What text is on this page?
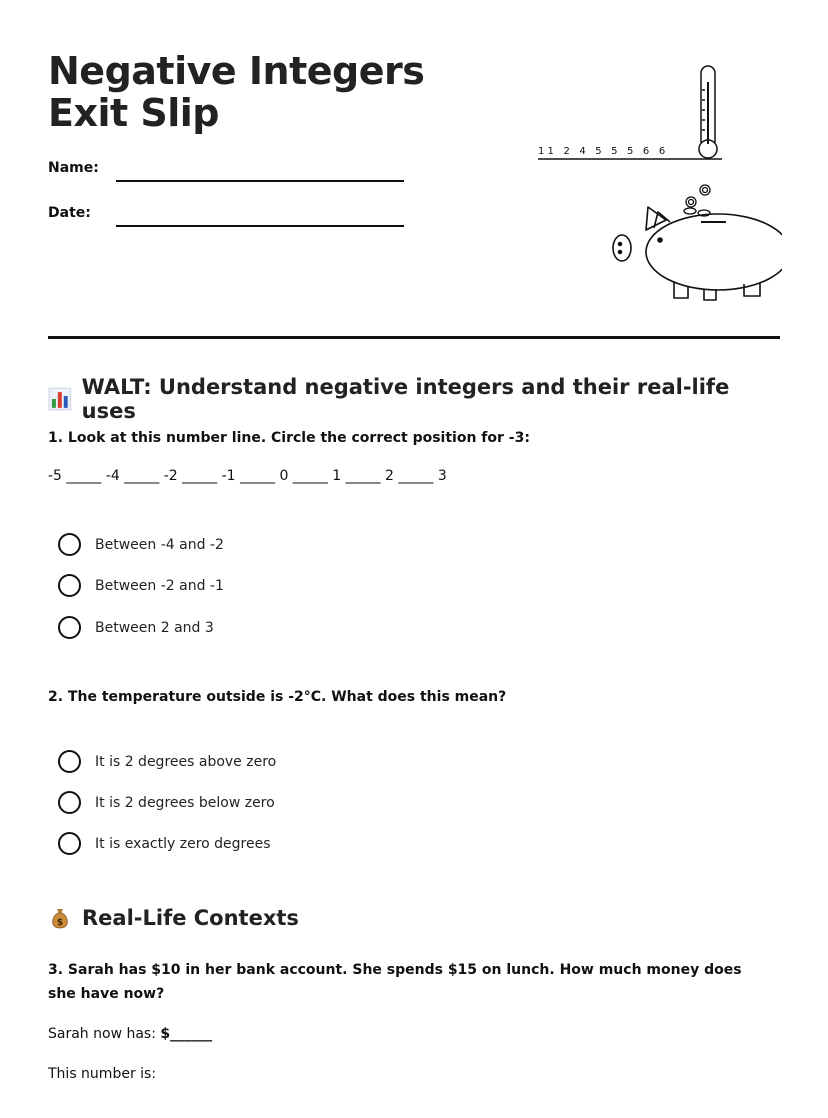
Negative Integers Exit Slip
Name:
Date:
1 1   2   4   5   5   5   6   6
WALT: Understand negative integers and their real-life uses
1. Look at this number line. Circle the correct position for -3:
-5 _____ -4 _____ -2 _____ -1 _____ 0 _____ 1 _____ 2 _____ 3
Between -4 and -2
Between -2 and -1
Between 2 and 3
2. The temperature outside is -2°C. What does this mean?
It is 2 degrees above zero
It is 2 degrees below zero
It is exactly zero degrees
$ Real-Life Contexts
3. Sarah has $10 in her bank account. She spends $15 on lunch. How much money does she have now?
Sarah now has: $______
This number is:
